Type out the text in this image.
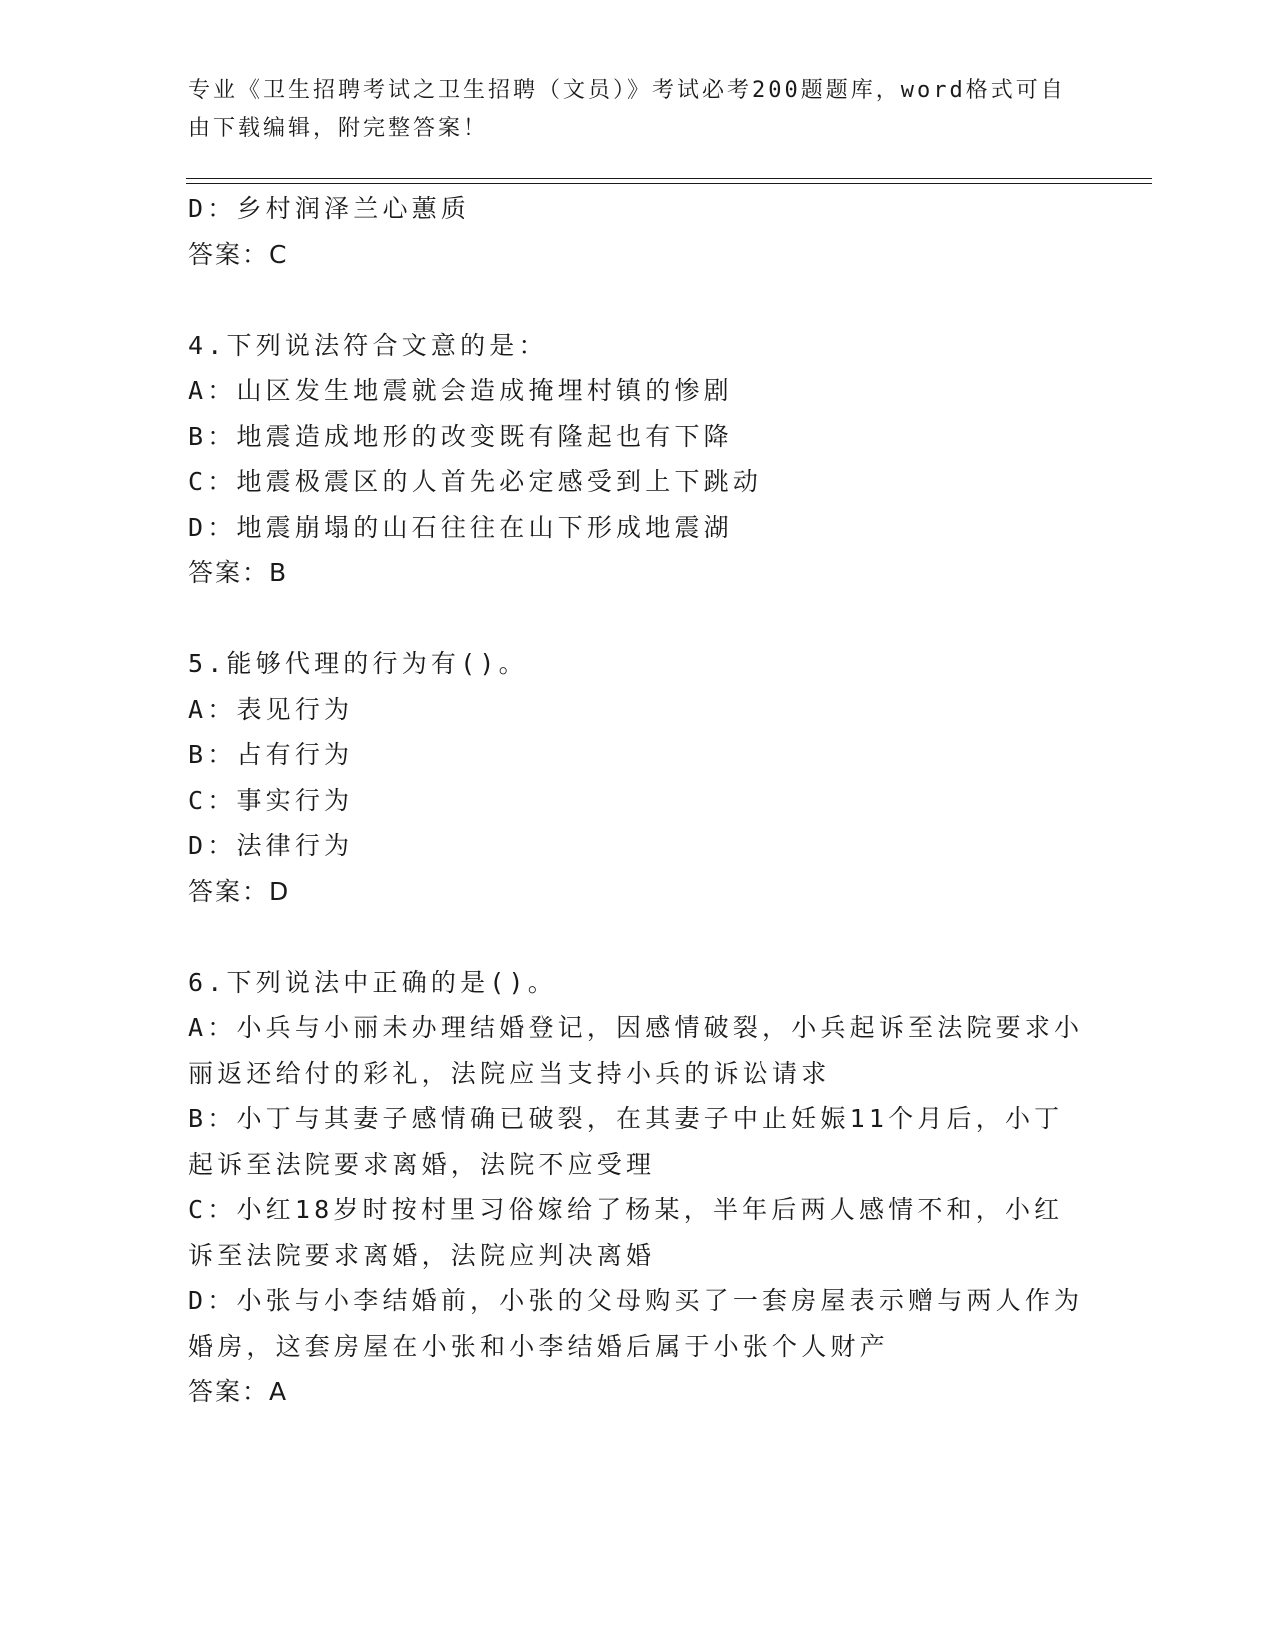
专业《卫生招聘考试之卫生招聘（文员）》考试必考200题题库，word格式可自由下载编辑，附完整答案！
D：乡村润泽兰心蕙质
答案：C
4.下列说法符合文意的是：
A：山区发生地震就会造成掩埋村镇的惨剧
B：地震造成地形的改变既有隆起也有下降
C：地震极震区的人首先必定感受到上下跳动
D：地震崩塌的山石往往在山下形成地震湖
答案：B
5.能够代理的行为有()。
A：表见行为
B：占有行为
C：事实行为
D：法律行为
答案：D
6.下列说法中正确的是()。
A：小兵与小丽未办理结婚登记，因感情破裂，小兵起诉至法院要求小丽返还给付的彩礼，法院应当支持小兵的诉讼请求
B：小丁与其妻子感情确已破裂，在其妻子中止妊娠11个月后，小丁起诉至法院要求离婚，法院不应受理
C：小红18岁时按村里习俗嫁给了杨某，半年后两人感情不和，小红诉至法院要求离婚，法院应判决离婚
D：小张与小李结婚前，小张的父母购买了一套房屋表示赠与两人作为婚房，这套房屋在小张和小李结婚后属于小张个人财产
答案：A
